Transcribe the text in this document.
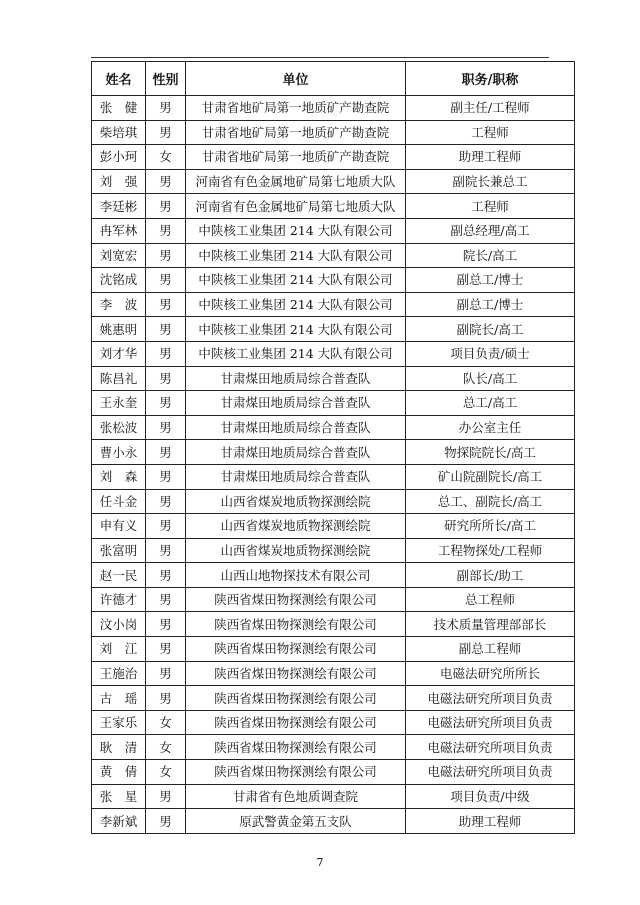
姓名	性别	单位	职务/职称
张　健	男	甘肃省地矿局第一地质矿产勘查院	副主任/工程师
柴培琪	男	甘肃省地矿局第一地质矿产勘查院	工程师
彭小珂	女	甘肃省地矿局第一地质矿产勘查院	助理工程师
刘　强	男	河南省有色金属地矿局第七地质大队	副院长兼总工
李廷彬	男	河南省有色金属地矿局第七地质大队	工程师
冉军林	男	中陕核工业集团 214 大队有限公司	副总经理/高工
刘宽宏	男	中陕核工业集团 214 大队有限公司	院长/高工
沈铭成	男	中陕核工业集团 214 大队有限公司	副总工/博士
李　波	男	中陕核工业集团 214 大队有限公司	副总工/博士
姚惠明	男	中陕核工业集团 214 大队有限公司	副院长/高工
刘才华	男	中陕核工业集团 214 大队有限公司	项目负责/硕士
陈昌礼	男	甘肃煤田地质局综合普查队	队长/高工
王永奎	男	甘肃煤田地质局综合普查队	总工/高工
张松波	男	甘肃煤田地质局综合普查队	办公室主任
曹小永	男	甘肃煤田地质局综合普查队	物探院院长/高工
刘　森	男	甘肃煤田地质局综合普查队	矿山院副院长/高工
任斗金	男	山西省煤炭地质物探测绘院	总工、副院长/高工
申有义	男	山西省煤炭地质物探测绘院	研究所所长/高工
张富明	男	山西省煤炭地质物探测绘院	工程物探处/工程师
赵一民	男	山西山地物探技术有限公司	副部长/助工
许德才	男	陕西省煤田物探测绘有限公司	总工程师
汶小岗	男	陕西省煤田物探测绘有限公司	技术质量管理部部长
刘　江	男	陕西省煤田物探测绘有限公司	副总工程师
王施治	男	陕西省煤田物探测绘有限公司	电磁法研究所所长
古　瑶	男	陕西省煤田物探测绘有限公司	电磁法研究所项目负责
王家乐	女	陕西省煤田物探测绘有限公司	电磁法研究所项目负责
耿　清	女	陕西省煤田物探测绘有限公司	电磁法研究所项目负责
黄　倩	女	陕西省煤田物探测绘有限公司	电磁法研究所项目负责
张　星	男	甘肃省有色地质调查院	项目负责/中级
李新斌	男	原武警黄金第五支队	助理工程师
7
